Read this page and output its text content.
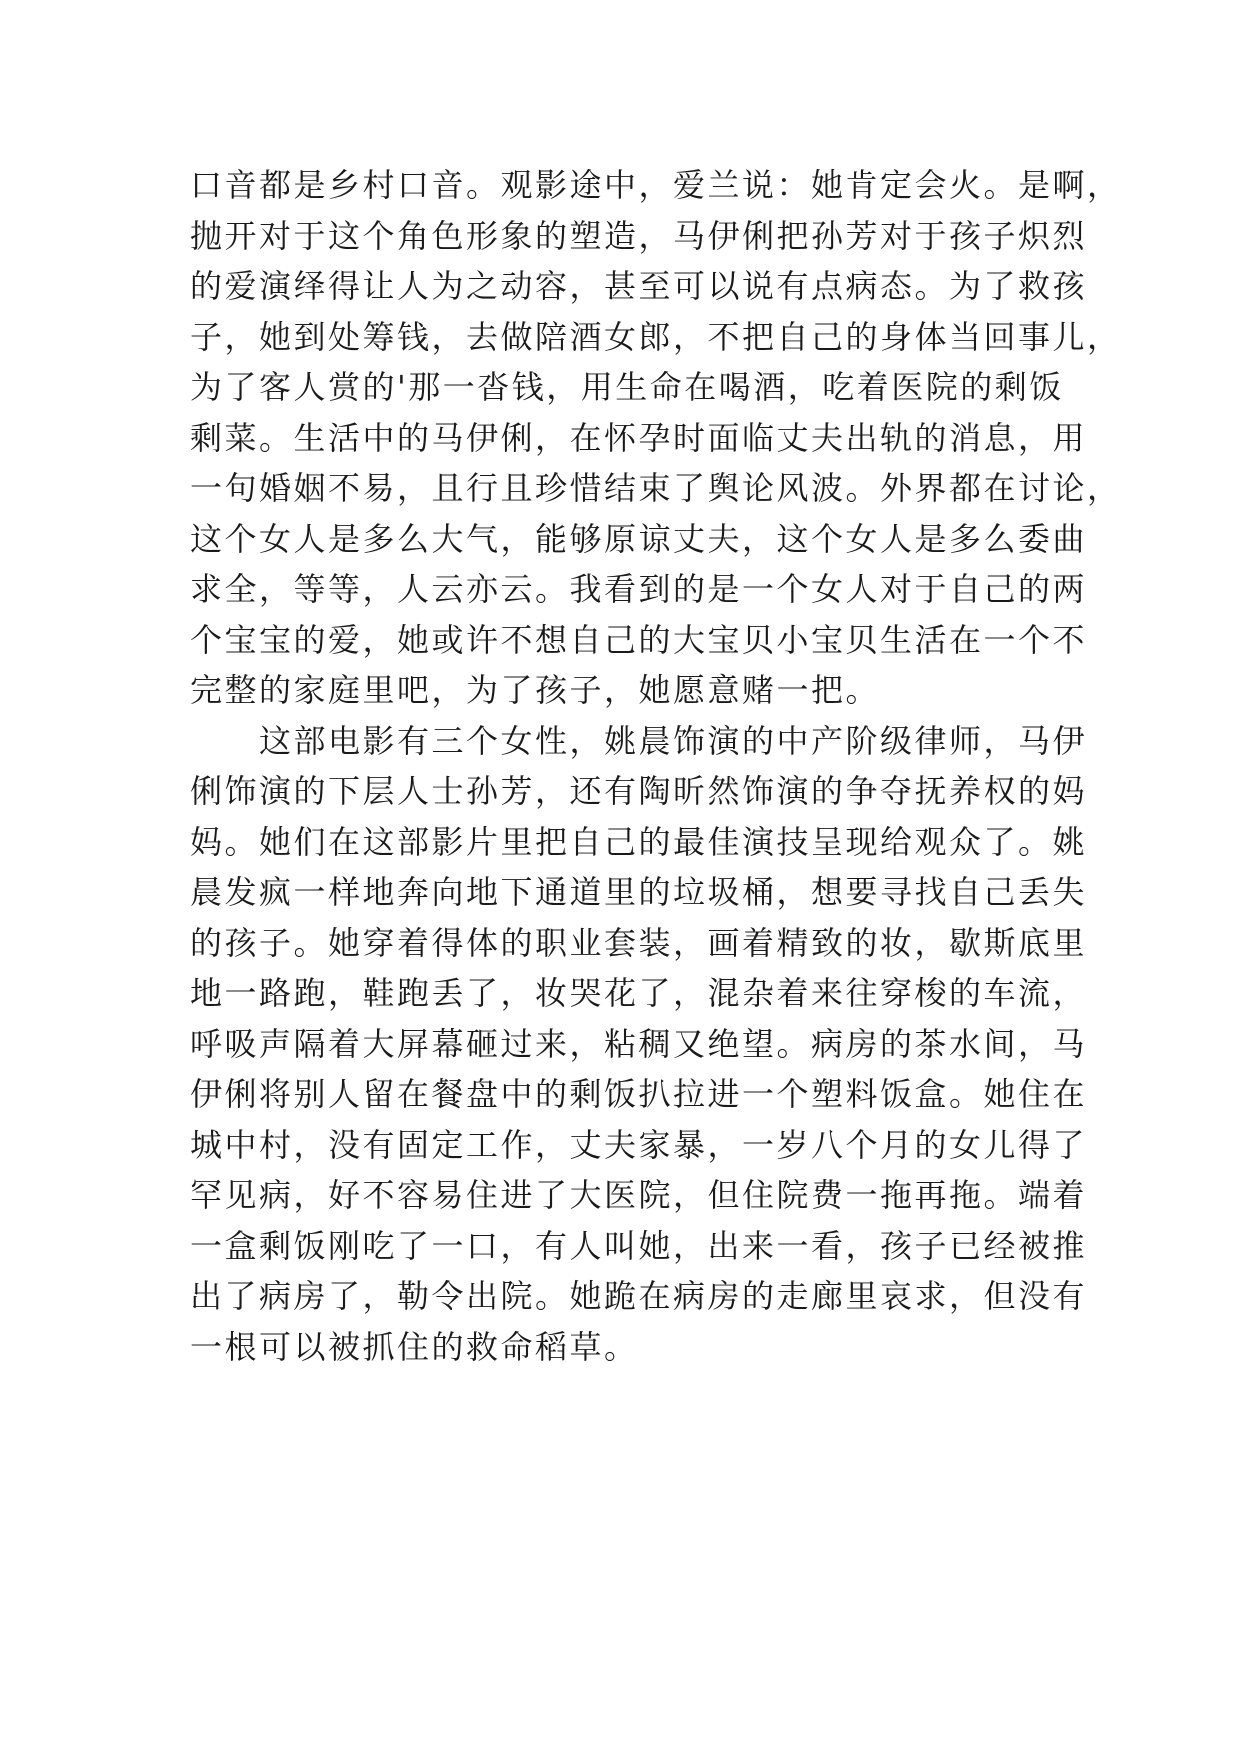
口音都是乡村口音。观影途中，爱兰说：她肯定会火。是啊，
抛开对于这个角色形象的塑造，马伊俐把孙芳对于孩子炽烈
的爱演绎得让人为之动容，甚至可以说有点病态。为了救孩
子，她到处筹钱，去做陪酒女郎，不把自己的身体当回事儿，
为了客人赏的'那一沓钱，用生命在喝酒，吃着医院的剩饭
剩菜。生活中的马伊俐，在怀孕时面临丈夫出轨的消息，用
一句婚姻不易，且行且珍惜结束了舆论风波。外界都在讨论，
这个女人是多么大气，能够原谅丈夫，这个女人是多么委曲
求全，等等，人云亦云。我看到的是一个女人对于自己的两
个宝宝的爱，她或许不想自己的大宝贝小宝贝生活在一个不
完整的家庭里吧，为了孩子，她愿意赌一把。
　　这部电影有三个女性，姚晨饰演的中产阶级律师，马伊
俐饰演的下层人士孙芳，还有陶昕然饰演的争夺抚养权的妈
妈。她们在这部影片里把自己的最佳演技呈现给观众了。姚
晨发疯一样地奔向地下通道里的垃圾桶，想要寻找自己丢失
的孩子。她穿着得体的职业套装，画着精致的妆，歇斯底里
地一路跑，鞋跑丢了，妆哭花了，混杂着来往穿梭的车流，
呼吸声隔着大屏幕砸过来，粘稠又绝望。病房的茶水间，马
伊俐将别人留在餐盘中的剩饭扒拉进一个塑料饭盒。她住在
城中村，没有固定工作，丈夫家暴，一岁八个月的女儿得了
罕见病，好不容易住进了大医院，但住院费一拖再拖。端着
一盒剩饭刚吃了一口，有人叫她，出来一看，孩子已经被推
出了病房了，勒令出院。她跪在病房的走廊里哀求，但没有
一根可以被抓住的救命稻草。
